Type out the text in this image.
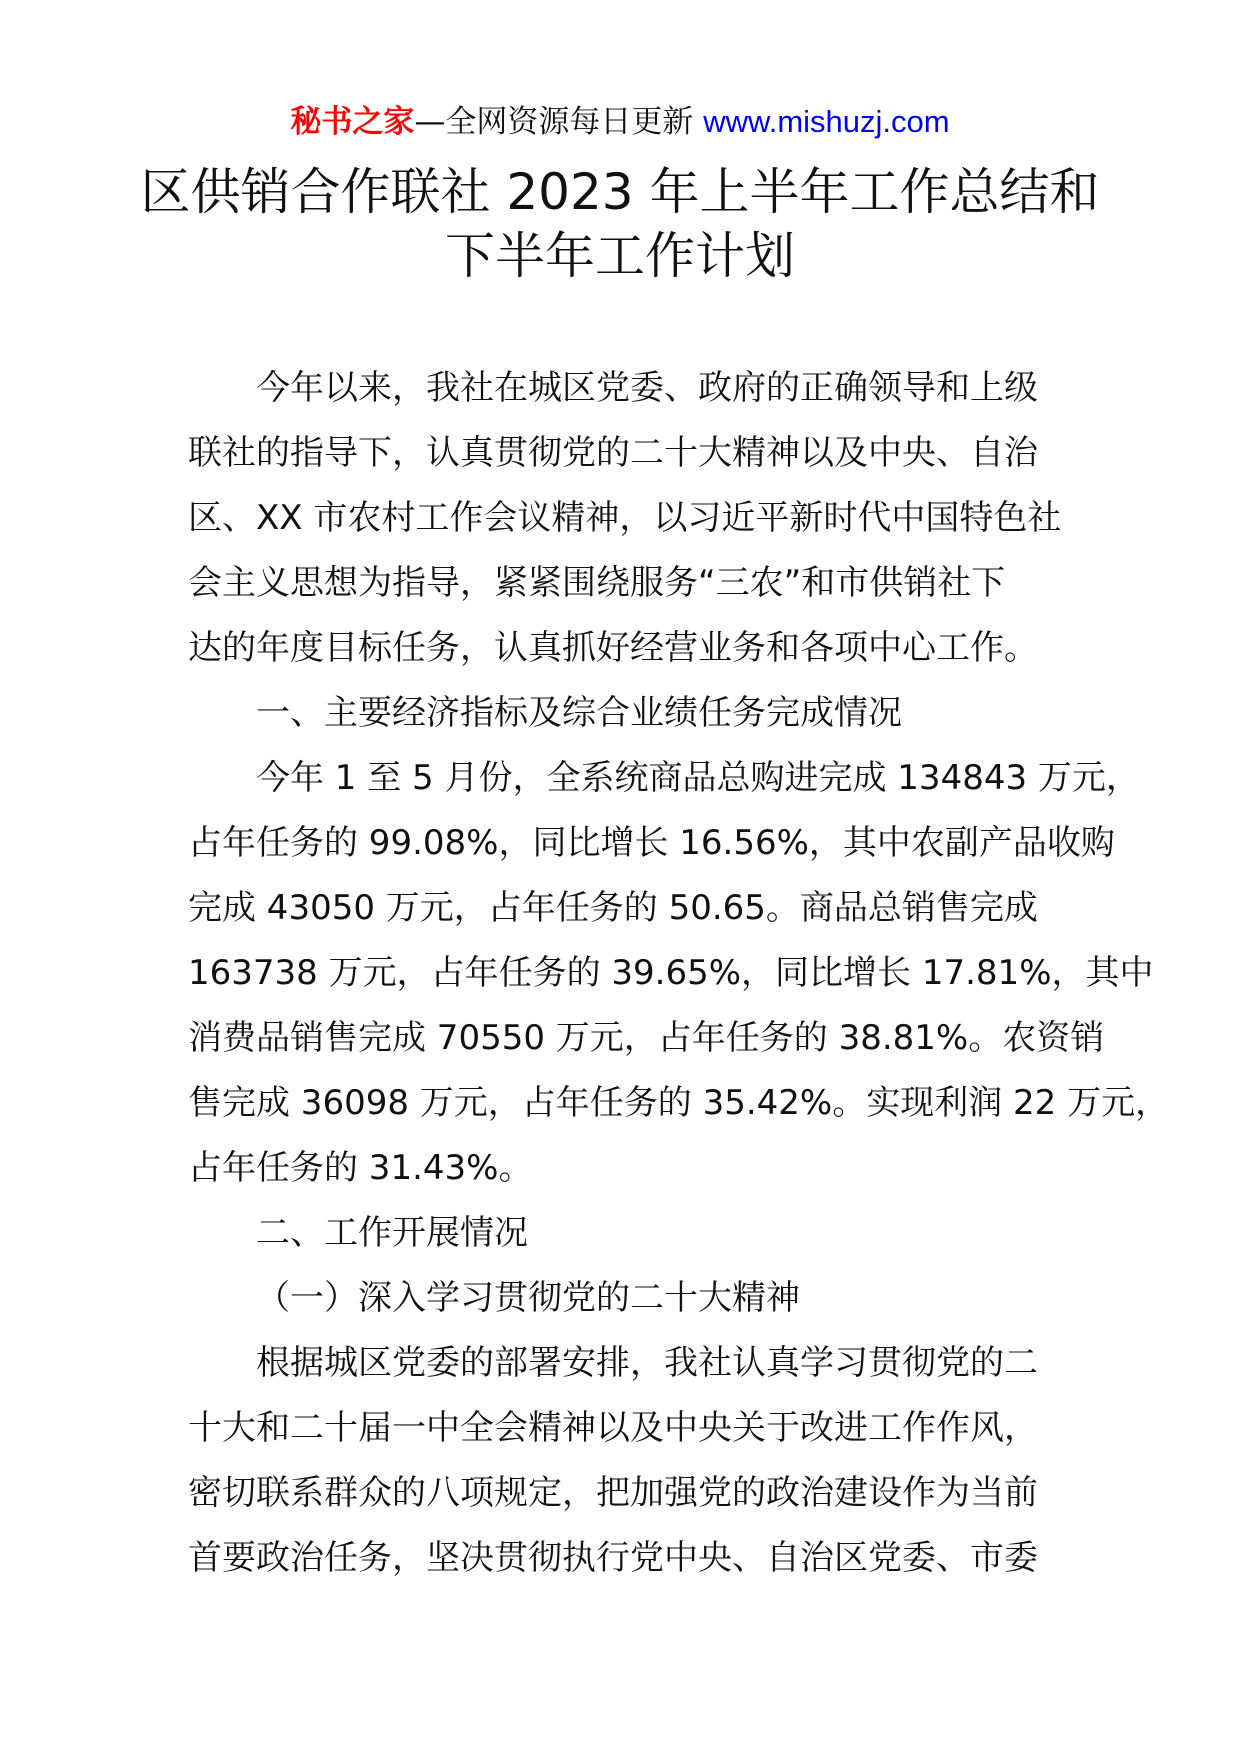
秘书之家—全网资源每日更新 www.mishuzj.com
区供销合作联社 2023 年上半年工作总结和
下半年工作计划
今年以来，我社在城区党委、政府的正确领导和上级
联社的指导下，认真贯彻党的二十大精神以及中央、自治
区、XX 市农村工作会议精神，以习近平新时代中国特色社
会主义思想为指导，紧紧围绕服务“三农”和市供销社下
达的年度目标任务，认真抓好经营业务和各项中心工作。
一、主要经济指标及综合业绩任务完成情况
今年 1 至 5 月份，全系统商品总购进完成 134843 万元，
占年任务的 99.08%，同比增长 16.56%，其中农副产品收购
完成 43050 万元，占年任务的 50.65。商品总销售完成
163738 万元，占年任务的 39.65%，同比增长 17.81%，其中
消费品销售完成 70550 万元，占年任务的 38.81%。农资销
售完成 36098 万元，占年任务的 35.42%。实现利润 22 万元，
占年任务的 31.43%。
二、工作开展情况
（一）深入学习贯彻党的二十大精神
根据城区党委的部署安排，我社认真学习贯彻党的二
十大和二十届一中全会精神以及中央关于改进工作作风，
密切联系群众的八项规定，把加强党的政治建设作为当前
首要政治任务，坚决贯彻执行党中央、自治区党委、市委
